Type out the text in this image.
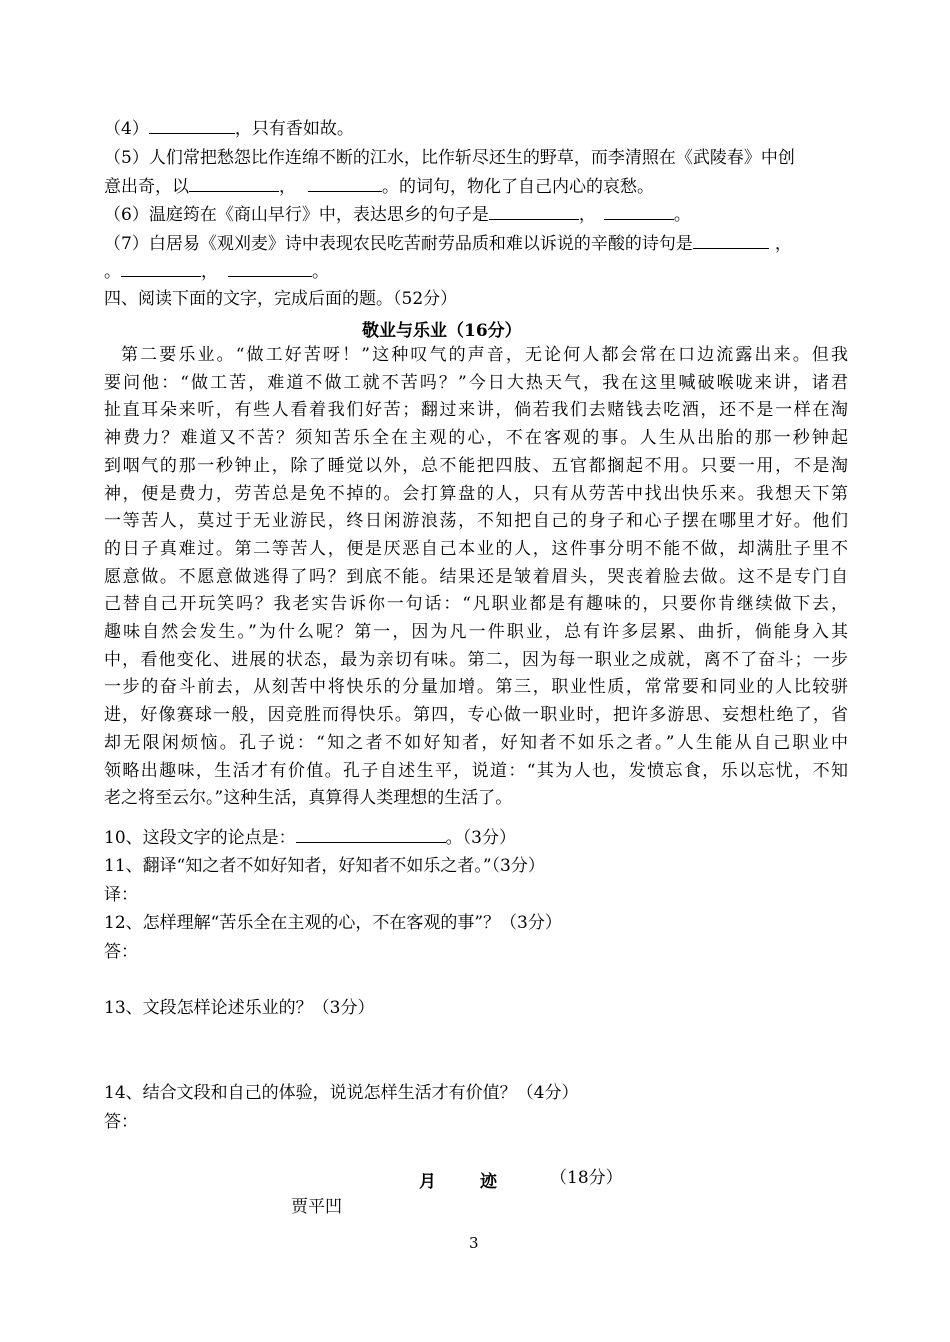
（4）	，只有香如故。
（5）人们常把愁怨比作连绵不断的江水，比作斩尽还生的野草，而李清照在《武陵春》中创
意出奇，以	，	。的词句，物化了自己内心的哀愁。
（6）温庭筠在《商山早行》中，表达思乡的句子是	，	。
（7）白居易《观刈麦》诗中表现农民吃苦耐劳品质和难以诉说的辛酸的诗句是	，
。	，	。
四、阅读下面的文字，完成后面的题。（52分）
敬业与乐业（16分）
第二要乐业。“做工好苦呀！”这种叹气的声音，无论何人都会常在口边流露出来。但我
要问他：“做工苦，难道不做工就不苦吗？”今日大热天气，我在这里喊破喉咙来讲，诸君
扯直耳朵来听，有些人看着我们好苦；翻过来讲，倘若我们去赌钱去吃酒，还不是一样在淘
神费力？难道又不苦？须知苦乐全在主观的心，不在客观的事。人生从出胎的那一秒钟起
到咽气的那一秒钟止，除了睡觉以外，总不能把四肢、五官都搁起不用。只要一用，不是淘
神，便是费力，劳苦总是免不掉的。会打算盘的人，只有从劳苦中找出快乐来。我想天下第
一等苦人，莫过于无业游民，终日闲游浪荡，不知把自己的身子和心子摆在哪里才好。他们
的日子真难过。第二等苦人，便是厌恶自己本业的人，这件事分明不能不做，却满肚子里不
愿意做。不愿意做逃得了吗？到底不能。结果还是皱着眉头，哭丧着脸去做。这不是专门自
己替自己开玩笑吗？我老实告诉你一句话：“凡职业都是有趣味的，只要你肯继续做下去，
趣味自然会发生。”为什么呢？第一，因为凡一件职业，总有许多层累、曲折，倘能身入其
中，看他变化、进展的状态，最为亲切有味。第二，因为每一职业之成就，离不了奋斗；一步
一步的奋斗前去，从刻苦中将快乐的分量加增。第三，职业性质，常常要和同业的人比较骈
进，好像赛球一般，因竞胜而得快乐。第四，专心做一职业时，把许多游思、妄想杜绝了，省
却无限闲烦恼。孔子说：“知之者不如好知者，好知者不如乐之者。”人生能从自己职业中
领略出趣味，生活才有价值。孔子自述生平，说道：“其为人也，发愤忘食，乐以忘忧，不知
老之将至云尔。”这种生活，真算得人类理想的生活了。
10、这段文字的论点是：	。（3分）
11、翻译“知之者不如好知者，好知者不如乐之者。”（3分）
译：
12、怎样理解“苦乐全在主观的心，不在客观的事”？（3分）
答：
13、文段怎样论述乐业的？（3分）
14、结合文段和自己的体验，说说怎样生活才有价值？（4分）
答：
月	迹	（18分）
贾平凹
3
